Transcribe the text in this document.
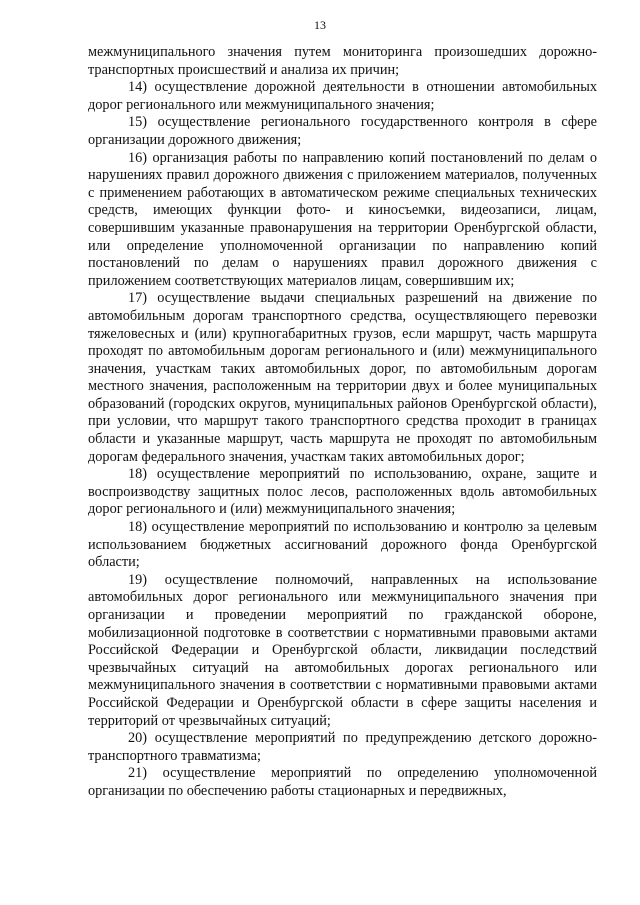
13

межмуниципального значения путем мониторинга произошедших дорожно-транспортных происшествий и анализа их причин;

14) осуществление дорожной деятельности в отношении автомобильных дорог регионального или межмуниципального значения;

15) осуществление регионального государственного контроля в сфере организации дорожного движения;

16) организация работы по направлению копий постановлений по делам о нарушениях правил дорожного движения с приложением материалов, полученных с применением работающих в автоматическом режиме специальных технических средств, имеющих функции фото- и киносъемки, видеозаписи, лицам, совершившим указанные правонарушения на территории Оренбургской области, или определение уполномоченной организации по направлению копий постановлений по делам о нарушениях правил дорожного движения с приложением соответствующих материалов лицам, совершившим их;

17) осуществление выдачи специальных разрешений на движение по автомобильным дорогам транспортного средства, осуществляющего перевозки тяжеловесных и (или) крупногабаритных грузов, если маршрут, часть маршрута проходят по автомобильным дорогам регионального и (или) межмуниципального значения, участкам таких автомобильных дорог, по автомобильным дорогам местного значения, расположенным на территории двух и более муниципальных образований (городских округов, муниципальных районов Оренбургской области), при условии, что маршрут такого транспортного средства проходит в границах области и указанные маршрут, часть маршрута не проходят по автомобильным дорогам федерального значения, участкам таких автомобильных дорог;

18) осуществление мероприятий по использованию, охране, защите и воспроизводству защитных полос лесов, расположенных вдоль автомобильных дорог регионального и (или) межмуниципального значения;

18) осуществление мероприятий по использованию и контролю за целевым использованием бюджетных ассигнований дорожного фонда Оренбургской области;

19) осуществление полномочий, направленных на использование автомобильных дорог регионального или межмуниципального значения при организации и проведении мероприятий по гражданской обороне, мобилизационной подготовке в соответствии с нормативными правовыми актами Российской Федерации и Оренбургской области, ликвидации последствий чрезвычайных ситуаций на автомобильных дорогах регионального или межмуниципального значения в соответствии с нормативными правовыми актами Российской Федерации и Оренбургской области в сфере защиты населения и территорий от чрезвычайных ситуаций;

20) осуществление мероприятий по предупреждению детского дорожно-транспортного травматизма;

21) осуществление мероприятий по определению уполномоченной организации по обеспечению работы стационарных и передвижных,
